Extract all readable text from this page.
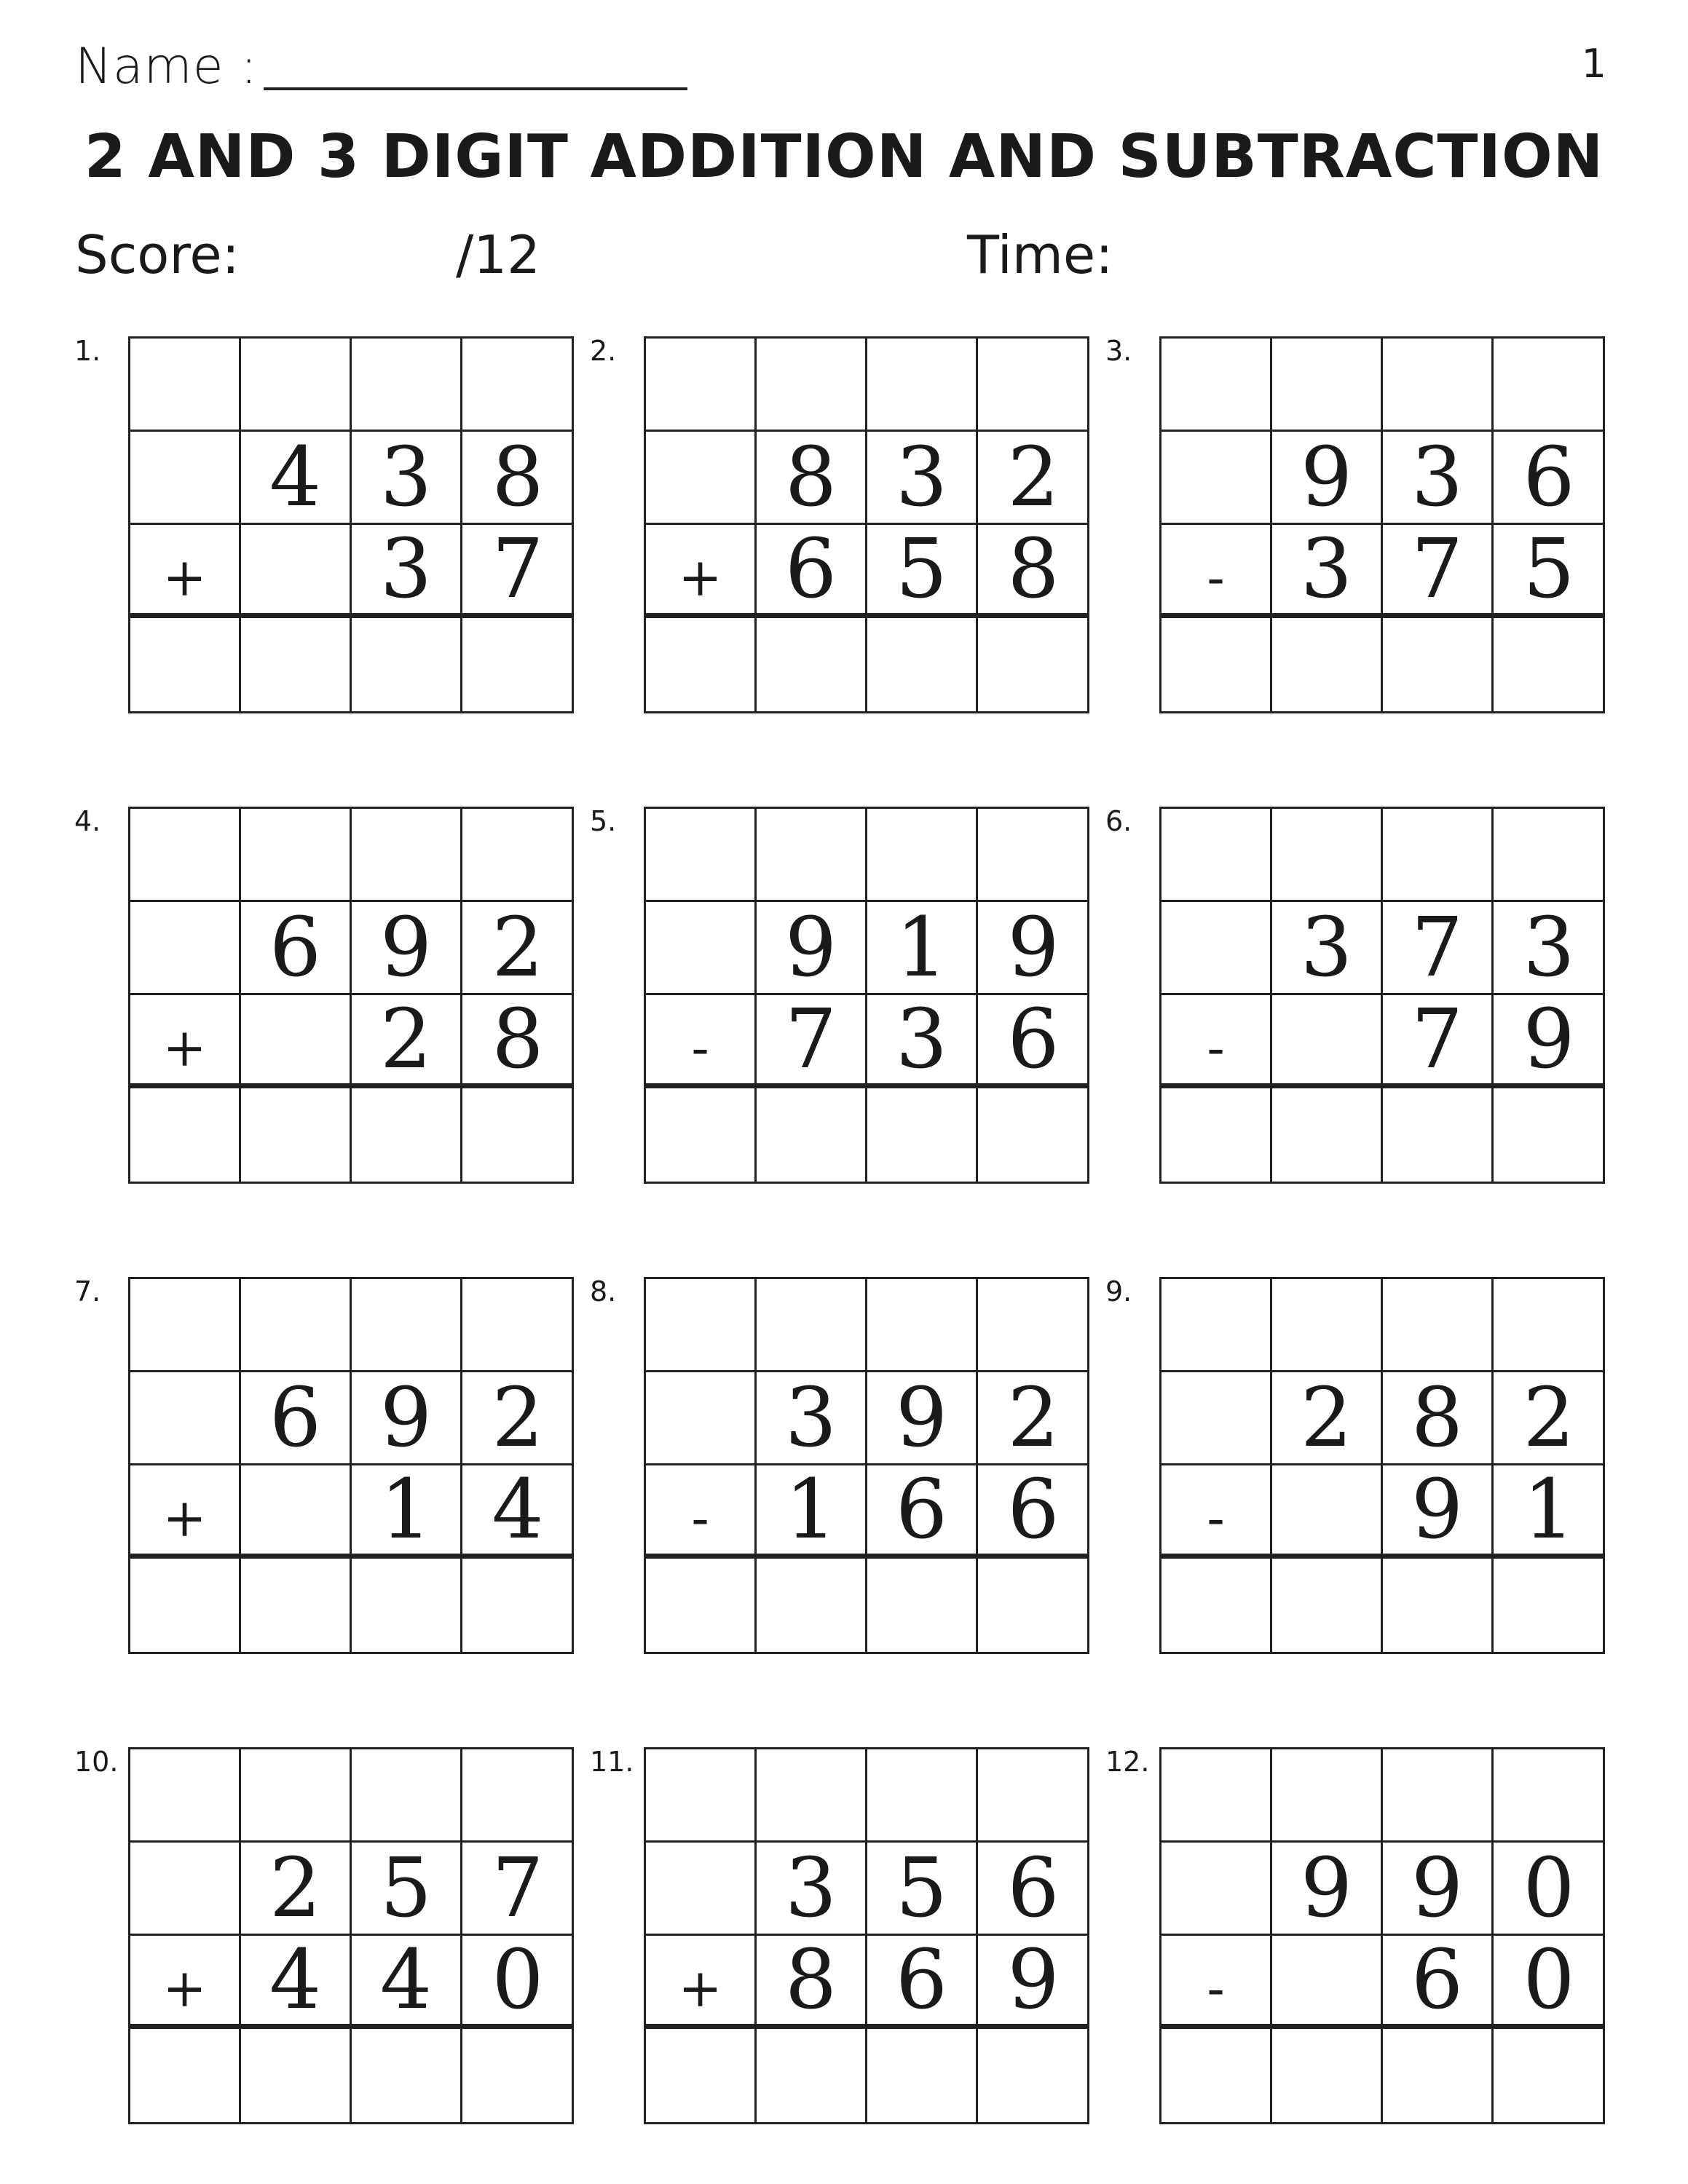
Name :	1
2 AND 3 DIGIT ADDITION AND SUBTRACTION
Score:	/12	Time:
1.
4 3 8
+	3 7
2.
8 3 2
+ 6 5 8
3.
9 3 6
- 3 7 5
4.
6 9 2
+	2 8
5.
9 1 9
- 7 3 6
6.
3 7 3
-	7 9
7.
6 9 2
+	1 4
8.
3 9 2
- 1 6 6
9.
2 8 2
-	9 1
10.
2 5 7
+ 4 4 0
11.
3 5 6
+ 8 6 9
12.
9 9 0
-	6 0
